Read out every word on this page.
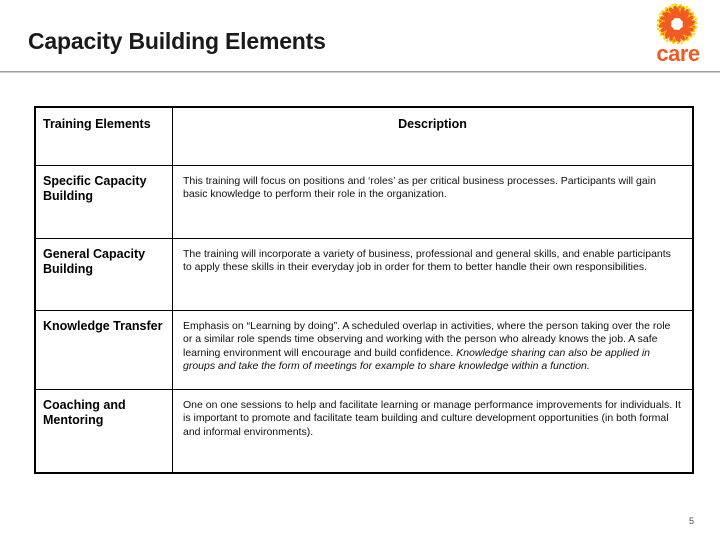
Capacity Building Elements	care
Training Elements	Description

Specific Capacity Building	This training will focus on positions and ‘roles’ as per critical business processes. Participants will gain basic knowledge to perform their role in the organization.

General Capacity Building	The training will incorporate a variety of business, professional and general skills, and enable participants to apply these skills in their everyday job in order for them to better handle their own responsibilities.

Knowledge Transfer	Emphasis on “Learning by doing”. A scheduled overlap in activities, where the person taking over the role or a similar role spends time observing and working with the person who already knows the job. A safe learning environment will encourage and build confidence. Knowledge sharing can also be applied in groups and take the form of meetings for example to share knowledge within a function.

Coaching and Mentoring	One on one sessions to help and facilitate learning or manage performance improvements for individuals. It is important to promote and facilitate team building and culture development opportunities (in both formal and informal environments).
5
